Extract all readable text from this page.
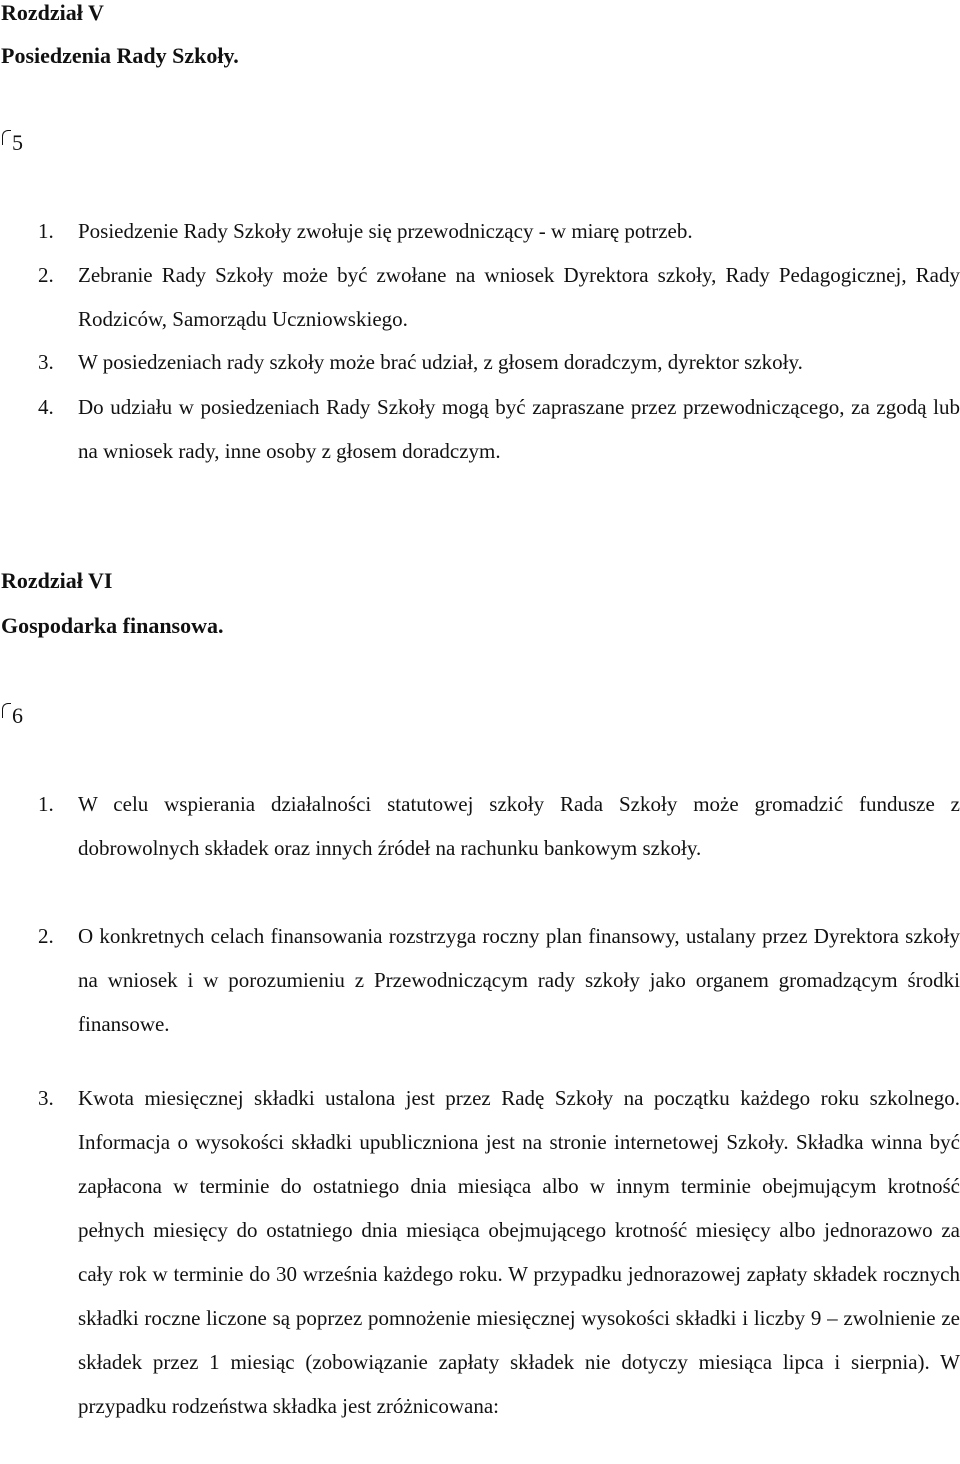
Rozdział V
Posiedzenia Rady Szkoły.
5
1.	Posiedzenie Rady Szkoły zwołuje się przewodniczący - w miarę potrzeb.
2.	Zebranie Rady Szkoły może być zwołane na wniosek Dyrektora szkoły, Rady Pedagogicznej, Rady Rodziców, Samorządu Uczniowskiego.
3.	W posiedzeniach rady szkoły może brać udział, z głosem doradczym, dyrektor szkoły.
4.	Do udziału w posiedzeniach Rady Szkoły mogą być zapraszane przez przewodniczącego, za zgodą lub na wniosek rady, inne osoby z głosem doradczym.
Rozdział VI
Gospodarka finansowa.
6
1.	W celu wspierania działalności statutowej szkoły Rada Szkoły może gromadzić fundusze z dobrowolnych składek oraz innych źródeł na rachunku bankowym szkoły.
2.	O konkretnych celach finansowania rozstrzyga roczny plan finansowy, ustalany przez Dyrektora szkoły na wniosek i w porozumieniu z Przewodniczącym rady szkoły jako organem gromadzącym środki finansowe.
3.	Kwota miesięcznej składki ustalona jest przez Radę Szkoły na początku każdego roku szkolnego. Informacja o wysokości składki upubliczniona jest na stronie internetowej Szkoły. Składka winna być zapłacona w terminie do ostatniego dnia miesiąca albo w innym terminie obejmującym krotność pełnych miesięcy do ostatniego dnia miesiąca obejmującego krotność miesięcy albo jednorazowo za cały rok w terminie do 30 września każdego roku. W przypadku jednorazowej zapłaty składek rocznych składki roczne liczone są poprzez pomnożenie miesięcznej wysokości składki i liczby 9 – zwolnienie ze składek przez 1 miesiąc (zobowiązanie zapłaty składek nie dotyczy miesiąca lipca i sierpnia). W przypadku rodzeństwa składka jest zróżnicowana:
